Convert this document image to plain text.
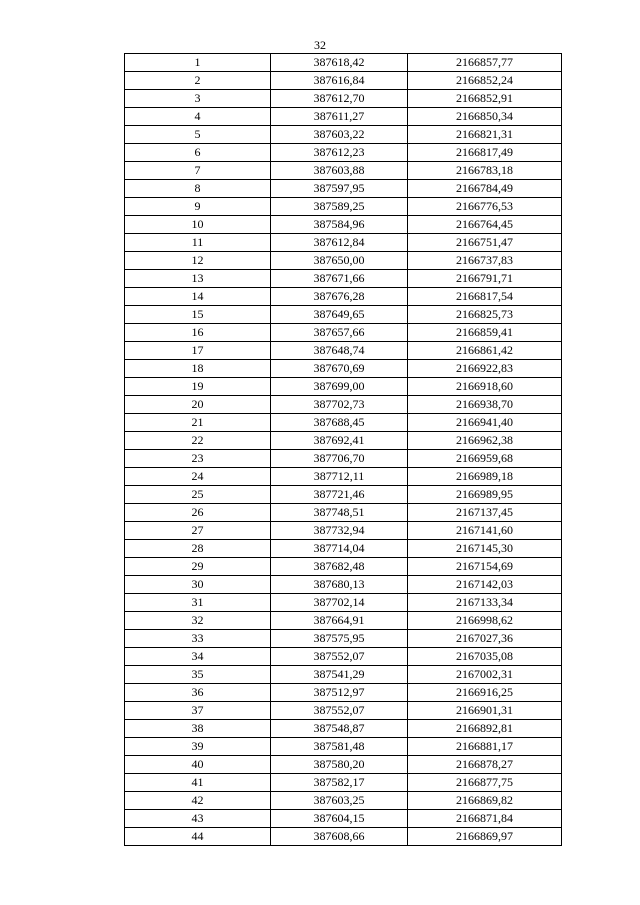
32
1	387618,42	2166857,77
2	387616,84	2166852,24
3	387612,70	2166852,91
4	387611,27	2166850,34
5	387603,22	2166821,31
6	387612,23	2166817,49
7	387603,88	2166783,18
8	387597,95	2166784,49
9	387589,25	2166776,53
10	387584,96	2166764,45
11	387612,84	2166751,47
12	387650,00	2166737,83
13	387671,66	2166791,71
14	387676,28	2166817,54
15	387649,65	2166825,73
16	387657,66	2166859,41
17	387648,74	2166861,42
18	387670,69	2166922,83
19	387699,00	2166918,60
20	387702,73	2166938,70
21	387688,45	2166941,40
22	387692,41	2166962,38
23	387706,70	2166959,68
24	387712,11	2166989,18
25	387721,46	2166989,95
26	387748,51	2167137,45
27	387732,94	2167141,60
28	387714,04	2167145,30
29	387682,48	2167154,69
30	387680,13	2167142,03
31	387702,14	2167133,34
32	387664,91	2166998,62
33	387575,95	2167027,36
34	387552,07	2167035,08
35	387541,29	2167002,31
36	387512,97	2166916,25
37	387552,07	2166901,31
38	387548,87	2166892,81
39	387581,48	2166881,17
40	387580,20	2166878,27
41	387582,17	2166877,75
42	387603,25	2166869,82
43	387604,15	2166871,84
44	387608,66	2166869,97
